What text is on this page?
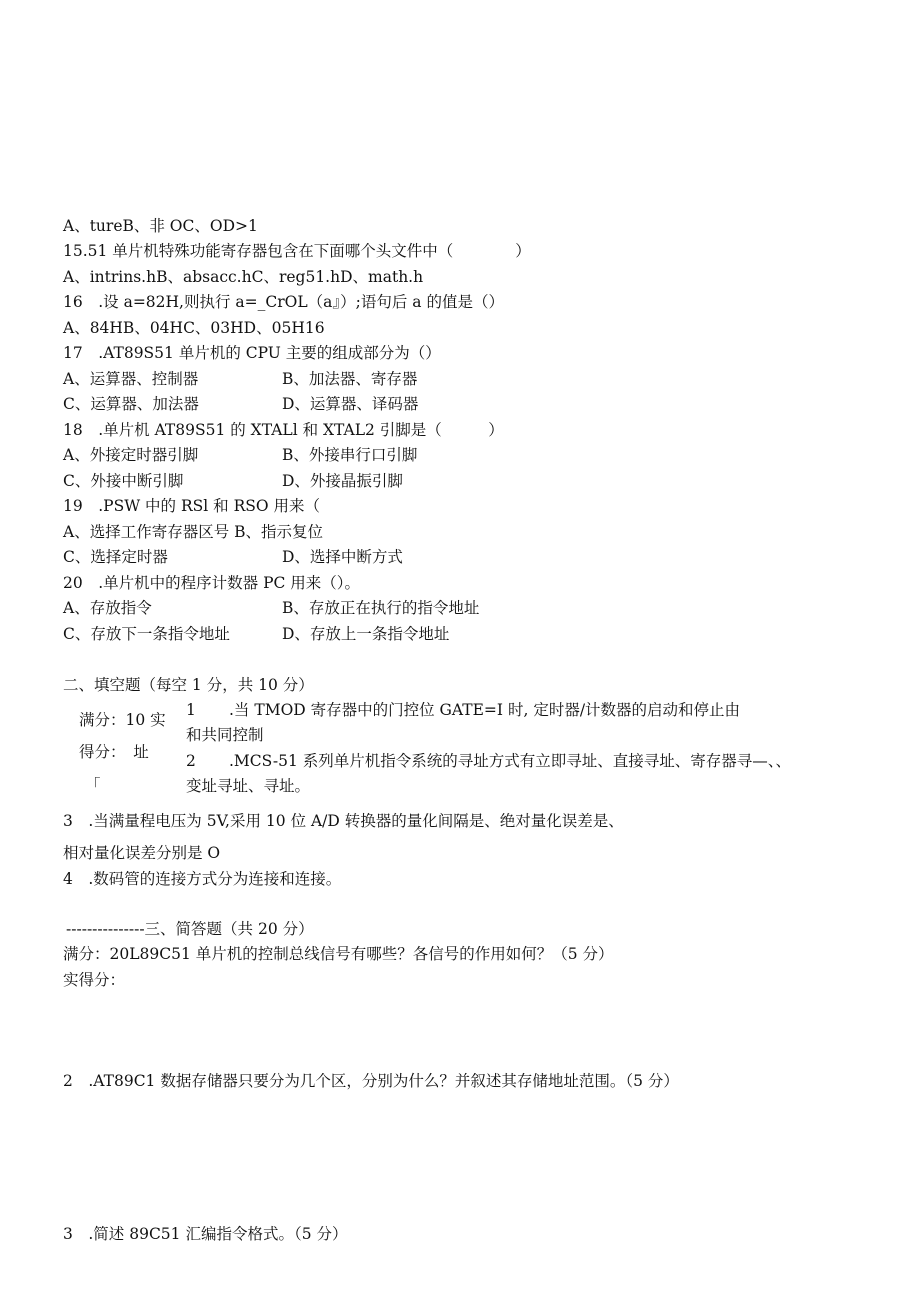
A、tureB、非 OC、OD>1
15.51 单片机特殊功能寄存器包含在下面哪个头文件中（　　　　）
A、intrins.hB、absacc.hC、reg51.hD、math.h
16　.设 a=82H,则执行 a=_CrOL（a』）;语句后 a 的值是（）
A、84HB、04HC、03HD、05H16
17　.AT89S51 单片机的 CPU 主要的组成部分为（）
A、运算器、控制器	B、加法器、寄存器
C、运算器、加法器	D、运算器、译码器
18　.单片机 AT89S51 的 XTALl 和 XTAL2 引脚是（　　　）
A、外接定时器引脚	B、外接串行口引脚
C、外接中断引脚	D、外接晶振引脚
19　.PSW 中的 RSl 和 RSO 用来（
A、选择工作寄存器区号 B、指示复位
C、选择定时器	D、选择中断方式
20　.单片机中的程序计数器 PC 用来（）。
A、存放指令	B、存放正在执行的指令地址
C、存放下一条指令地址	D、存放上一条指令地址
二、填空题（每空 1 分，共 10 分）
满分：10 实
得分：　址
「
1 .当 TMOD 寄存器中的门控位 GATE=I 时, 定时器/计数器的启动和停止由
和共同控制
2 .MCS-51 系列单片机指令系统的寻址方式有立即寻址、直接寻址、寄存器寻—、、
变址寻址、寻址。
3　.当满量程电压为 5V,采用 10 位 A/D 转换器的量化间隔是、绝对量化误差是、
相对量化误差分别是 O
4　.数码管的连接方式分为连接和连接。
---------------三、简答题（共 20 分）
满分：20L89C51 单片机的控制总线信号有哪些？各信号的作用如何？（5 分）
实得分：
2　.AT89C1 数据存储器只要分为几个区，分别为什么？并叙述其存储地址范围。（5 分）
3　.简述 89C51 汇编指令格式。（5 分）
